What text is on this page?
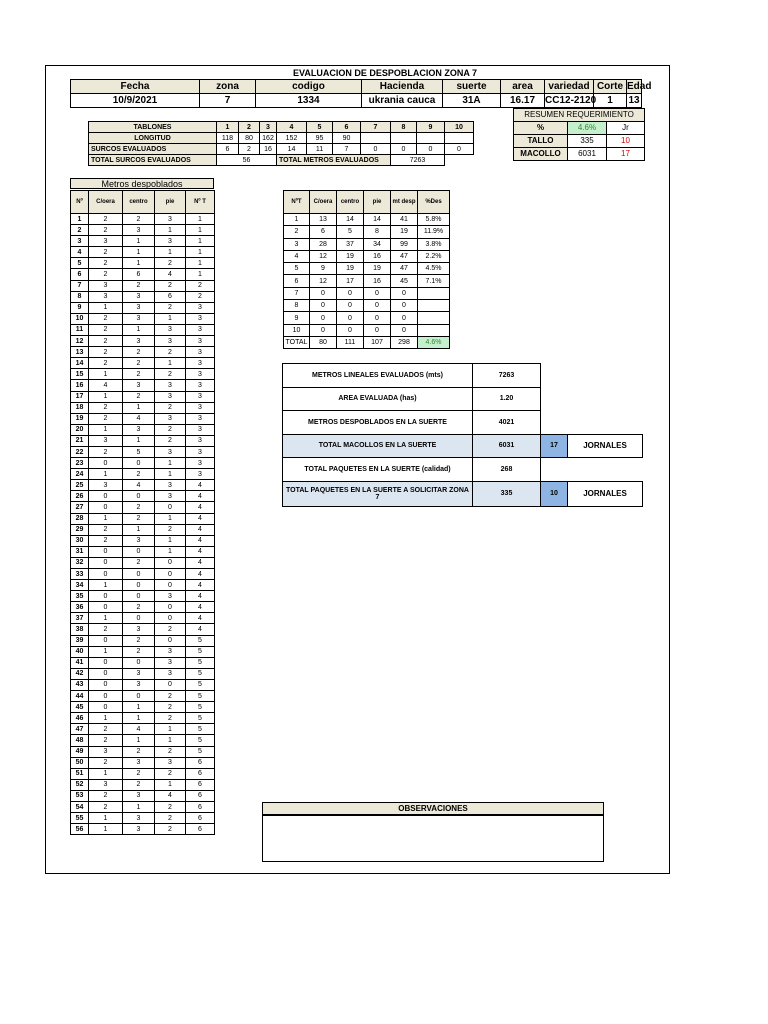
EVALUACION DE DESPOBLACION ZONA 7
Fecha	zona	codigo	Hacienda	suerte	area	variedad	Corte	Edad
10/9/2021	7	1334	ukrania cauca	31A	16.17	CC12-2120	1	13
TABLONES	1	2	3	4	5	6	7	8	9	10
LONGITUD	118	80	162	152	95	90				
SURCOS EVALUADOS	6	2	16	14	11	7	0	0	0	0
TOTAL SURCOS EVALUADOS	56			TOTAL METROS EVALUADOS				7263		
RESUMEN REQUERIMIENTO		
%	4.6%	Jr
TALLO	335	10
MACOLLO	6031	17
Metros despoblados
Nº	C/oera	centro	pie	Nº T
1	2	2	3	1
2	2	3	1	1
3	3	1	3	1
4	2	1	1	1
5	2	1	2	1
6	2	6	4	1
7	3	2	2	2
8	3	3	6	2
9	1	3	2	3
10	2	3	1	3
11	2	1	3	3
12	2	3	3	3
13	2	2	2	3
14	2	2	1	3
15	1	2	2	3
16	4	3	3	3
17	1	2	3	3
18	2	1	2	3
19	2	4	3	3
20	1	3	2	3
21	3	1	2	3
22	2	5	3	3
23	0	0	1	3
24	1	2	1	3
25	3	4	3	4
26	0	0	3	4
27	0	2	0	4
28	1	2	1	4
29	2	1	2	4
30	2	3	1	4
31	0	0	1	4
32	0	2	0	4
33	0	0	0	4
34	1	0	0	4
35	0	0	3	4
36	0	2	0	4
37	1	0	0	4
38	2	3	2	4
39	0	2	0	5
40	1	2	3	5
41	0	0	3	5
42	0	3	3	5
43	0	3	0	5
44	0	0	2	5
45	0	1	2	5
46	1	1	2	5
47	2	4	1	5
48	2	1	1	5
49	3	2	2	5
50	2	3	3	6
51	1	2	2	6
52	3	2	1	6
53	2	3	4	6
54	2	1	2	6
55	1	3	2	6
56	1	3	2	6
NºT	C/oera	centro	pie	mt desp	%Des
1	13	14	14	41	5.8%
2	6	5	8	19	11.9%
3	28	37	34	99	3.8%
4	12	19	16	47	2.2%
5	9	19	19	47	4.5%
6	12	17	16	45	7.1%
7	0	0	0	0	
8	0	0	0	0	
9	0	0	0	0	
10	0	0	0	0	
TOTAL	80	111	107	298	4.6%
METROS LINEALES EVALUADOS (mts)	7263		
AREA EVALUADA (has)	1.20		
METROS DESPOBLADOS EN LA SUERTE	4021		
TOTAL MACOLLOS EN LA SUERTE	6031	17	JORNALES
TOTAL PAQUETES EN LA SUERTE (calidad)	268		
TOTAL PAQUETES EN LA SUERTE A SOLICITAR ZONA 7	335	10	JORNALES
OBSERVACIONES
